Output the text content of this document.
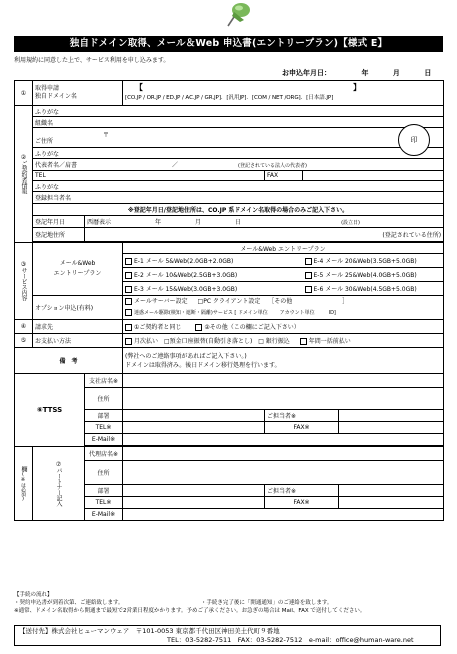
独自ドメイン取得、メール＆Web 申込書(エントリープラン)【様式 E】
利用規約に同意した上で、サービス利用を申し込みます。
お申込年月日：	年	月	日
①	取得申請
独自ドメイン名		【 】
[CO.JP / OR.JP / ED.JP / AC.JP / GR.JP]．[汎用JP]．[COM / NET /ORG]．[日本語.JP]			
②ご契約者情報	ふりがな					
	組織名					
	ご住所〒					
	ふりがな					
	代表者名／肩書 ／ (登記されている法人の代表者)					
	TEL			FAX		
	ふりがな					
	登録担当者名					
	※登記年月日/登記地住所は、CO.JP 系ドメイン名取得の場合のみご記入下さい。					
	登記年月日	西暦表示 年 月 日 (設立日)				
	登記地住所	(登記されている住所)				

③サービス内容	メール&Web
エントリープラン		メール&Web エントリープラン			
			E-1 メール 5&Web(2.0GB+2.0GB)		E-4 メール 20&Web(3.5GB+5.0GB)	
			E-2 メール 10&Web(2.5GB+3.0GB)		E-5 メール 25&Web(4.0GB+5.0GB)	
			E-3 メール 15&Web(3.0GB+3.0GB)		E-6 メール 30&Web(4.5GB+5.0GB)	
	オプション申込(有料)		メールサーバー設定 □PC クライアント設定 ［その他 ］
迷惑メール駆除(検知・遮断・隔離)サービス [ ドメイン単位 アカウント単位 ID]			
④	請求先		①ご契約者と同じ ②その他（この欄にご記入下さい）			
⑤	お支払い方法		月次払い □預金口座振替(自動引き落とし) □ 銀行振込 年間一括前払い			
備　考			(弊社へのご連絡事項があればご記入下さい。)
ドメインは取得済み。後日ドメイン移行処理を行います。			
⑥TTSS		支社店名※				
		住所				
		部署		ご担当者※		
		TEL※		FAX※		
		E-Mail※				

欄(※は必須)	⑦パートナー記入	代理店名※				
		住所				
		部署		ご担当者※		
		TEL※		FAX※		
		E-Mail※				
印
【手続の流れ】
・契約申込書が到着次第、ご連絡致します。	・手続き完了後に「開通通知」のご連絡を致します。
※通常、ドメイン名取得から開通まで最短で2営業日程度かかります。予めご了承ください。お急ぎの場合は Mail、FAX で送付してください。
【送付先】株式会社ヒューマンウェア　〒101-0053 東京都千代田区神田美土代町９番地
TEL：03-5282-7511　FAX：03-5282-7512　e-mail：office@human-ware.net
